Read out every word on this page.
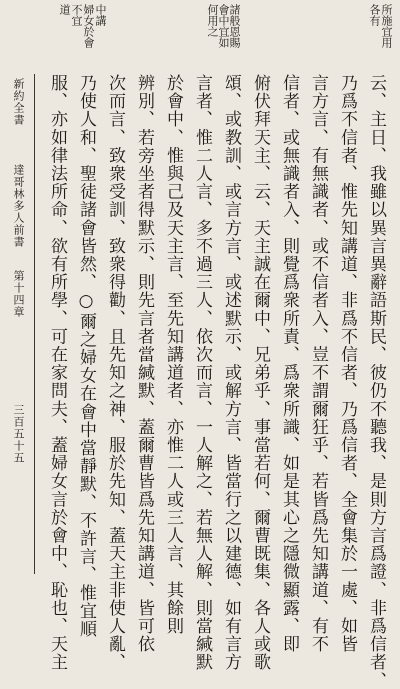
所施宜用
各有
何用之 諸般恩賜
會中宜如
道 不宜 婦女於會 中講
云、主日、我雖以異言異辭語斯民、彼仍不聽我、是則方言爲證、非爲信者、
乃爲不信者、惟先知講道、非爲不信者、乃爲信者、全會集於一處、如皆
言方言、有無識者、或不信者入、豈不謂爾狂乎、若皆爲先知講道、有不
信者、或無識者入、則覺爲衆所責、爲衆所識、如是其心之隱微顯露、即
俯伏拜天主、云、天主誠在爾中、兄弟乎、事當若何、爾曹既集、各人或歌
頌、或教訓、或言方言、或述默示、或解方言、皆當行之以建德、如有言方
言者、惟二人言、多不過三人、依次而言、一人解之、若無人解、則當緘默
於會中、惟與己及天主言、至先知講道者、亦惟二人或三人言、其餘則
辨別、若旁坐者得默示、則先言者當緘默、蓋爾曹皆爲先知講道、皆可依
次而言、致衆受訓、致衆得勸、且先知之神、服於先知、蓋天主非使人亂、
乃使人和、聖徒諸會皆然、○爾之婦女在會中當靜默、不許言、惟宜順
服、亦如律法所命、欲有所學、可在家問夫、蓋婦女言於會中、恥也、天主
新約全書
達哥林多人前書
第十四章
三百五十五
